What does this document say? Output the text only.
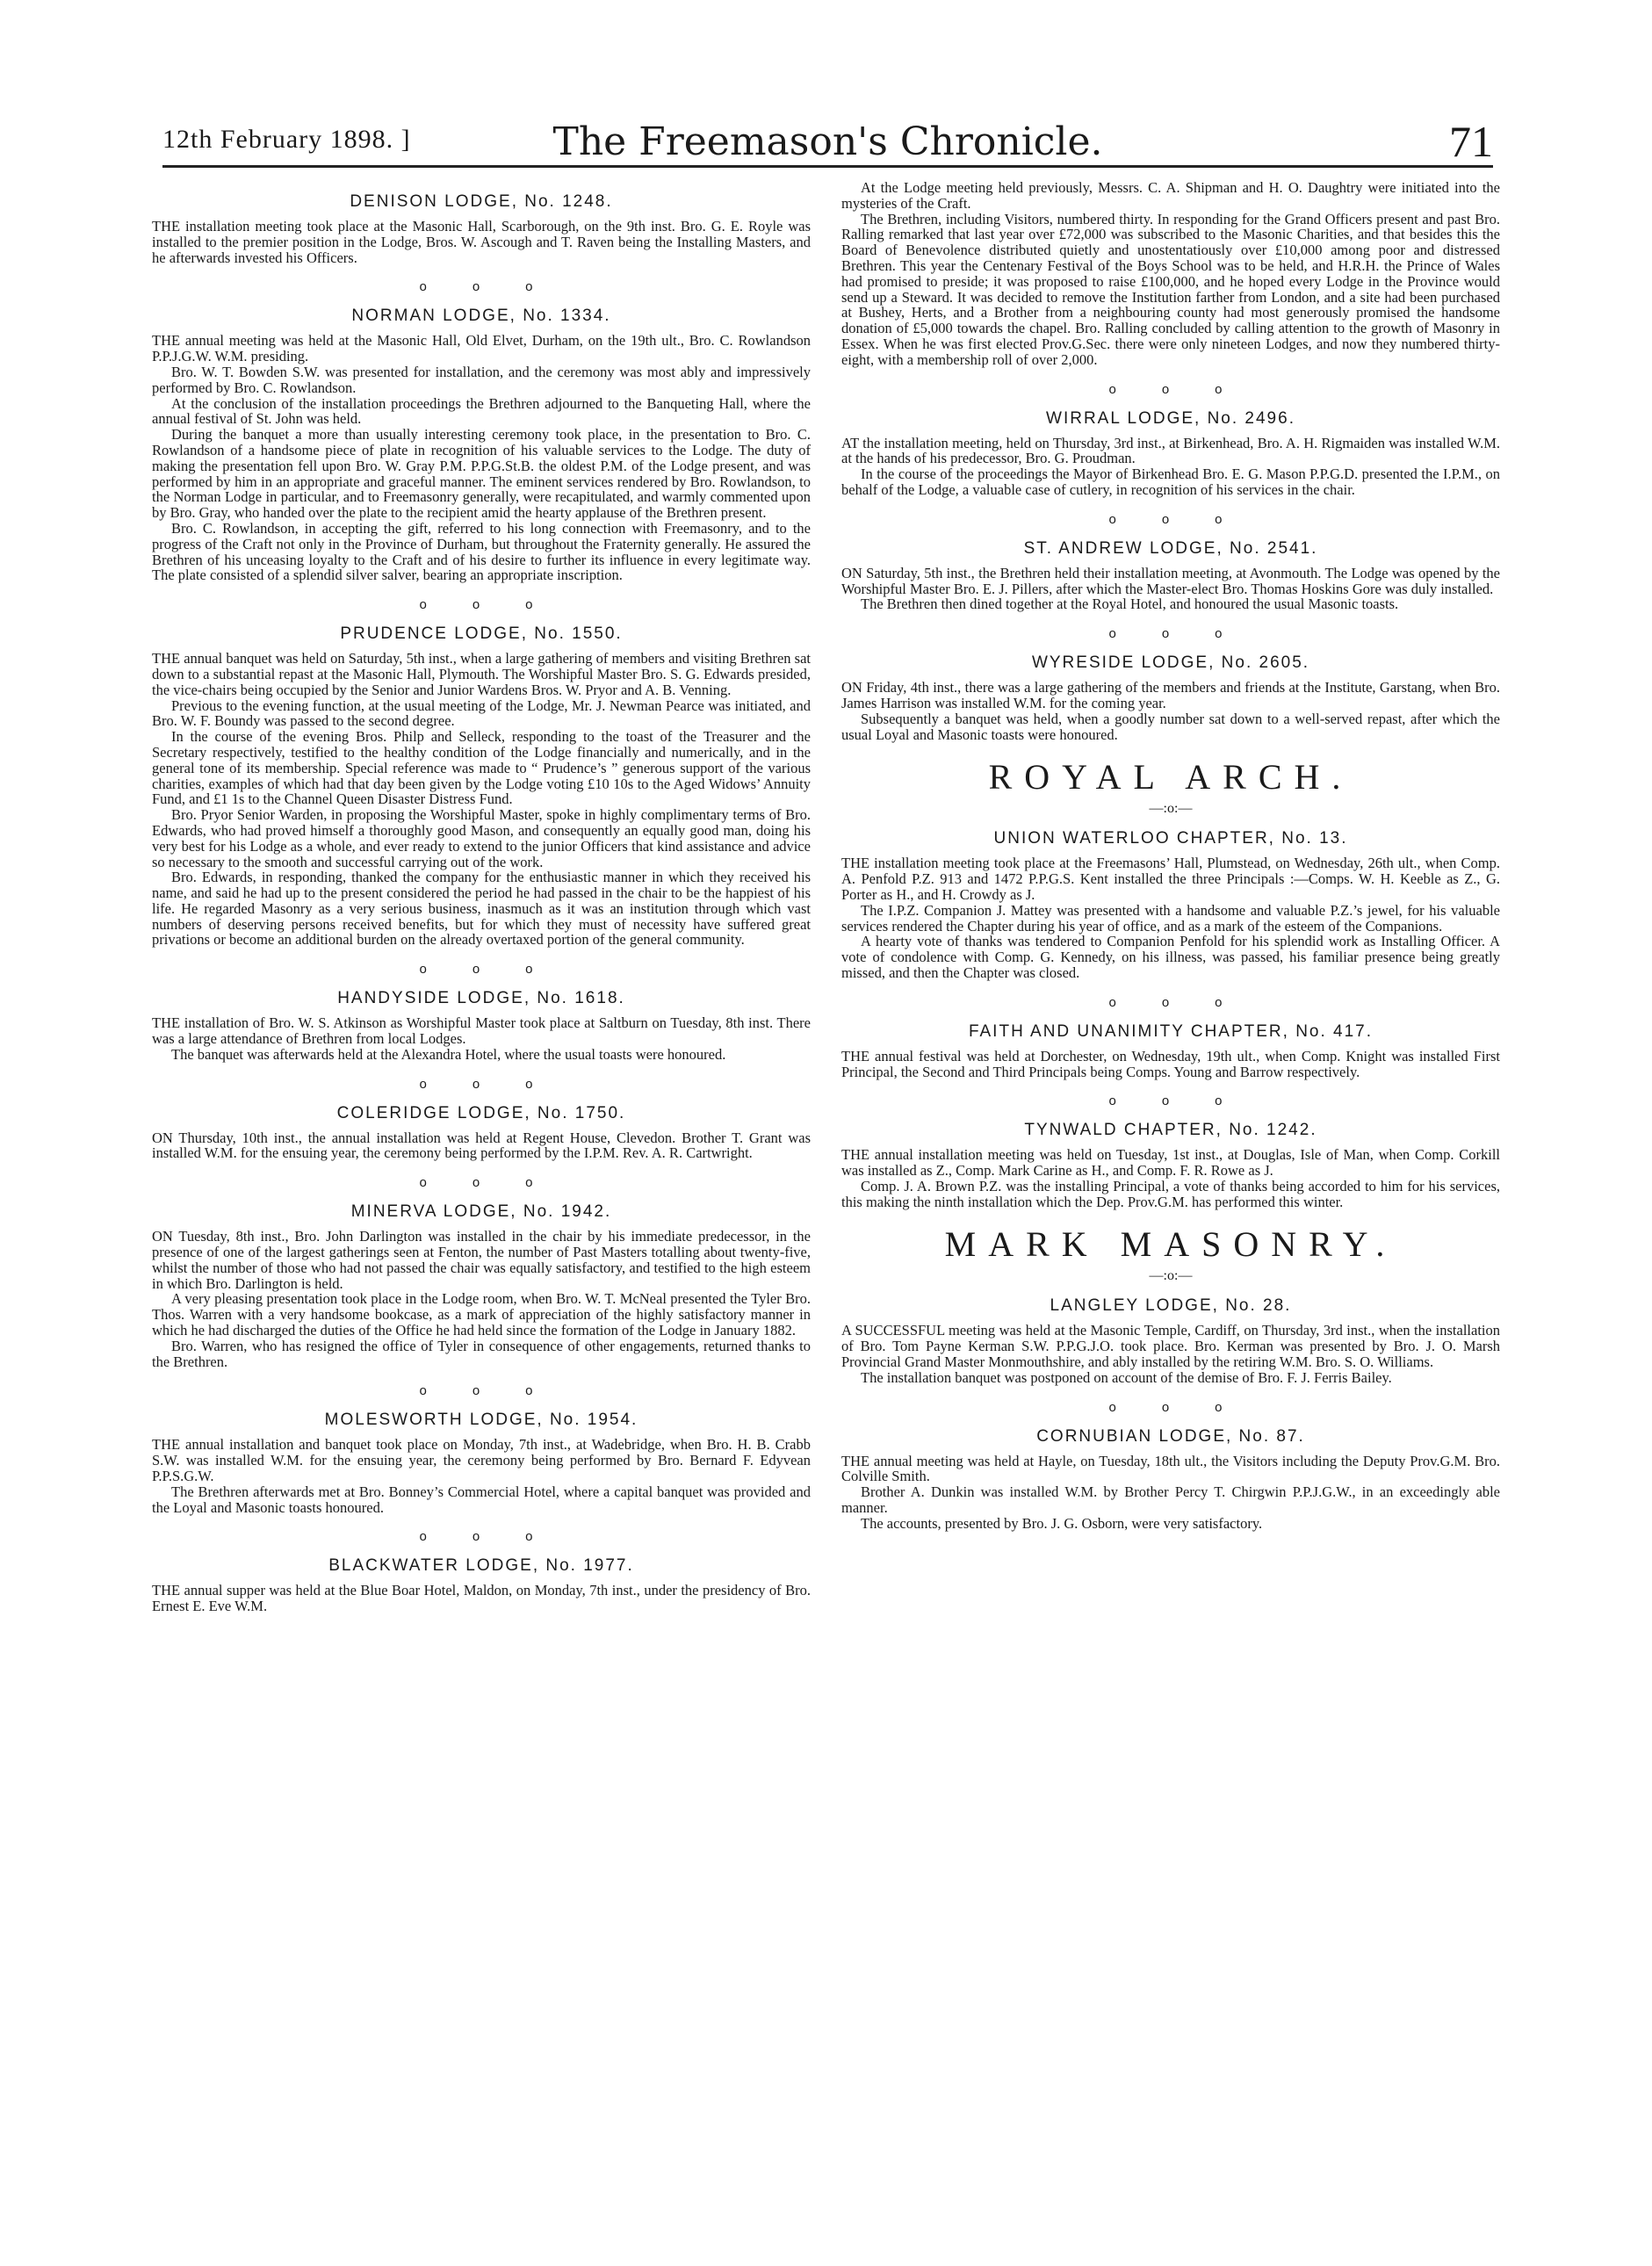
12th February 1898. ]	The Freemason's Chronicle.	71
DENISON LODGE, No. 1248.

THE installation meeting took place at the Masonic Hall, Scarborough, on the 9th inst. Bro. G. E. Royle was installed to the premier position in the Lodge, Bros. W. Ascough and T. Raven being the Installing Masters, and he afterwards invested his Officers.

ooo
NORMAN LODGE, No. 1334.

THE annual meeting was held at the Masonic Hall, Old Elvet, Durham, on the 19th ult., Bro. C. Rowlandson P.P.J.G.W. W.M. presiding.

Bro. W. T. Bowden S.W. was presented for installation, and the ceremony was most ably and impressively performed by Bro. C. Rowlandson.

At the conclusion of the installation proceedings the Brethren adjourned to the Banqueting Hall, where the annual festival of St. John was held.

During the banquet a more than usually interesting ceremony took place, in the presentation to Bro. C. Rowlandson of a handsome piece of plate in recognition of his valuable services to the Lodge. The duty of making the presentation fell upon Bro. W. Gray P.M. P.P.G.St.B. the oldest P.M. of the Lodge present, and was performed by him in an appropriate and graceful manner. The eminent services rendered by Bro. Rowlandson, to the Norman Lodge in particular, and to Freemasonry generally, were recapitulated, and warmly commented upon by Bro. Gray, who handed over the plate to the recipient amid the hearty applause of the Brethren present.

Bro. C. Rowlandson, in accepting the gift, referred to his long connection with Freemasonry, and to the progress of the Craft not only in the Province of Durham, but throughout the Fraternity generally. He assured the Brethren of his unceasing loyalty to the Craft and of his desire to further its influence in every legitimate way. The plate consisted of a splendid silver salver, bearing an appropriate inscription.

ooo
PRUDENCE LODGE, No. 1550.

THE annual banquet was held on Saturday, 5th inst., when a large gathering of members and visiting Brethren sat down to a substantial repast at the Masonic Hall, Plymouth. The Worshipful Master Bro. S. G. Edwards presided, the vice-chairs being occupied by the Senior and Junior Wardens Bros. W. Pryor and A. B. Venning.

Previous to the evening function, at the usual meeting of the Lodge, Mr. J. Newman Pearce was initiated, and Bro. W. F. Boundy was passed to the second degree.

In the course of the evening Bros. Philp and Selleck, responding to the toast of the Treasurer and the Secretary respectively, testified to the healthy condition of the Lodge financially and numerically, and in the general tone of its membership. Special reference was made to “ Prudence’s ” generous support of the various charities, examples of which had that day been given by the Lodge voting £10 10s to the Aged Widows’ Annuity Fund, and £1 1s to the Channel Queen Disaster Distress Fund.

Bro. Pryor Senior Warden, in proposing the Worshipful Master, spoke in highly complimentary terms of Bro. Edwards, who had proved himself a thoroughly good Mason, and consequently an equally good man, doing his very best for his Lodge as a whole, and ever ready to extend to the junior Officers that kind assistance and advice so necessary to the smooth and successful carrying out of the work.

Bro. Edwards, in responding, thanked the company for the enthusiastic manner in which they received his name, and said he had up to the present considered the period he had passed in the chair to be the happiest of his life. He regarded Masonry as a very serious business, inasmuch as it was an institution through which vast numbers of deserving persons received benefits, but for which they must of necessity have suffered great privations or become an additional burden on the already overtaxed portion of the general community.

ooo
HANDYSIDE LODGE, No. 1618.

THE installation of Bro. W. S. Atkinson as Worshipful Master took place at Saltburn on Tuesday, 8th inst. There was a large attendance of Brethren from local Lodges.

The banquet was afterwards held at the Alexandra Hotel, where the usual toasts were honoured.

ooo
COLERIDGE LODGE, No. 1750.

ON Thursday, 10th inst., the annual installation was held at Regent House, Clevedon. Brother T. Grant was installed W.M. for the ensuing year, the ceremony being performed by the I.P.M. Rev. A. R. Cartwright.

ooo
MINERVA LODGE, No. 1942.

ON Tuesday, 8th inst., Bro. John Darlington was installed in the chair by his immediate predecessor, in the presence of one of the largest gatherings seen at Fenton, the number of Past Masters totalling about twenty-five, whilst the number of those who had not passed the chair was equally satisfactory, and testified to the high esteem in which Bro. Darlington is held.

A very pleasing presentation took place in the Lodge room, when Bro. W. T. McNeal presented the Tyler Bro. Thos. Warren with a very handsome bookcase, as a mark of appreciation of the highly satisfactory manner in which he had discharged the duties of the Office he had held since the formation of the Lodge in January 1882.

Bro. Warren, who has resigned the office of Tyler in consequence of other engagements, returned thanks to the Brethren.

ooo
MOLESWORTH LODGE, No. 1954.

THE annual installation and banquet took place on Monday, 7th inst., at Wadebridge, when Bro. H. B. Crabb S.W. was installed W.M. for the ensuing year, the ceremony being performed by Bro. Bernard F. Edyvean P.P.S.G.W.

The Brethren afterwards met at Bro. Bonney’s Commercial Hotel, where a capital banquet was provided and the Loyal and Masonic toasts honoured.

ooo
BLACKWATER LODGE, No. 1977.

THE annual supper was held at the Blue Boar Hotel, Maldon, on Monday, 7th inst., under the presidency of Bro. Ernest E. Eve W.M.

At the Lodge meeting held previously, Messrs. C. A. Shipman and H. O. Daughtry were initiated into the mysteries of the Craft.

The Brethren, including Visitors, numbered thirty. In responding for the Grand Officers present and past Bro. Ralling remarked that last year over £72,000 was subscribed to the Masonic Charities, and that besides this the Board of Benevolence distributed quietly and unostentatiously over £10,000 among poor and distressed Brethren. This year the Centenary Festival of the Boys School was to be held, and H.R.H. the Prince of Wales had promised to preside; it was proposed to raise £100,000, and he hoped every Lodge in the Province would send up a Steward. It was decided to remove the Institution farther from London, and a site had been purchased at Bushey, Herts, and a Brother from a neighbouring county had most generously promised the handsome donation of £5,000 towards the chapel. Bro. Ralling concluded by calling attention to the growth of Masonry in Essex. When he was first elected Prov.G.Sec. there were only nineteen Lodges, and now they numbered thirty-eight, with a membership roll of over 2,000.

ooo
WIRRAL LODGE, No. 2496.

AT the installation meeting, held on Thursday, 3rd inst., at Birkenhead, Bro. A. H. Rigmaiden was installed W.M. at the hands of his predecessor, Bro. G. Proudman.

In the course of the proceedings the Mayor of Birkenhead Bro. E. G. Mason P.P.G.D. presented the I.P.M., on behalf of the Lodge, a valuable case of cutlery, in recognition of his services in the chair.

ooo
ST. ANDREW LODGE, No. 2541.

ON Saturday, 5th inst., the Brethren held their installation meeting, at Avonmouth. The Lodge was opened by the Worshipful Master Bro. E. J. Pillers, after which the Master-elect Bro. Thomas Hoskins Gore was duly installed.

The Brethren then dined together at the Royal Hotel, and honoured the usual Masonic toasts.

ooo
WYRESIDE LODGE, No. 2605.

ON Friday, 4th inst., there was a large gathering of the members and friends at the Institute, Garstang, when Bro. James Harrison was installed W.M. for the coming year.

Subsequently a banquet was held, when a goodly number sat down to a well-served repast, after which the usual Loyal and Masonic toasts were honoured.

ROYAL ARCH.
—:o:—
UNION WATERLOO CHAPTER, No. 13.

THE installation meeting took place at the Freemasons’ Hall, Plumstead, on Wednesday, 26th ult., when Comp. A. Penfold P.Z. 913 and 1472 P.P.G.S. Kent installed the three Principals :—Comps. W. H. Keeble as Z., G. Porter as H., and H. Crowdy as J.

The I.P.Z. Companion J. Mattey was presented with a handsome and valuable P.Z.’s jewel, for his valuable services rendered the Chapter during his year of office, and as a mark of the esteem of the Companions.

A hearty vote of thanks was tendered to Companion Penfold for his splendid work as Installing Officer. A vote of condolence with Comp. G. Kennedy, on his illness, was passed, his familiar presence being greatly missed, and then the Chapter was closed.

ooo
FAITH AND UNANIMITY CHAPTER, No. 417.

THE annual festival was held at Dorchester, on Wednesday, 19th ult., when Comp. Knight was installed First Principal, the Second and Third Principals being Comps. Young and Barrow respectively.

ooo
TYNWALD CHAPTER, No. 1242.

THE annual installation meeting was held on Tuesday, 1st inst., at Douglas, Isle of Man, when Comp. Corkill was installed as Z., Comp. Mark Carine as H., and Comp. F. R. Rowe as J.

Comp. J. A. Brown P.Z. was the installing Principal, a vote of thanks being accorded to him for his services, this making the ninth installation which the Dep. Prov.G.M. has performed this winter.

MARK MASONRY.
—:o:—
LANGLEY LODGE, No. 28.

A SUCCESSFUL meeting was held at the Masonic Temple, Cardiff, on Thursday, 3rd inst., when the installation of Bro. Tom Payne Kerman S.W. P.P.G.J.O. took place. Bro. Kerman was presented by Bro. J. O. Marsh Provincial Grand Master Monmouthshire, and ably installed by the retiring W.M. Bro. S. O. Williams.

The installation banquet was postponed on account of the demise of Bro. F. J. Ferris Bailey.

ooo
CORNUBIAN LODGE, No. 87.

THE annual meeting was held at Hayle, on Tuesday, 18th ult., the Visitors including the Deputy Prov.G.M. Bro. Colville Smith.

Brother A. Dunkin was installed W.M. by Brother Percy T. Chirgwin P.P.J.G.W., in an exceedingly able manner.

The accounts, presented by Bro. J. G. Osborn, were very satisfactory.
